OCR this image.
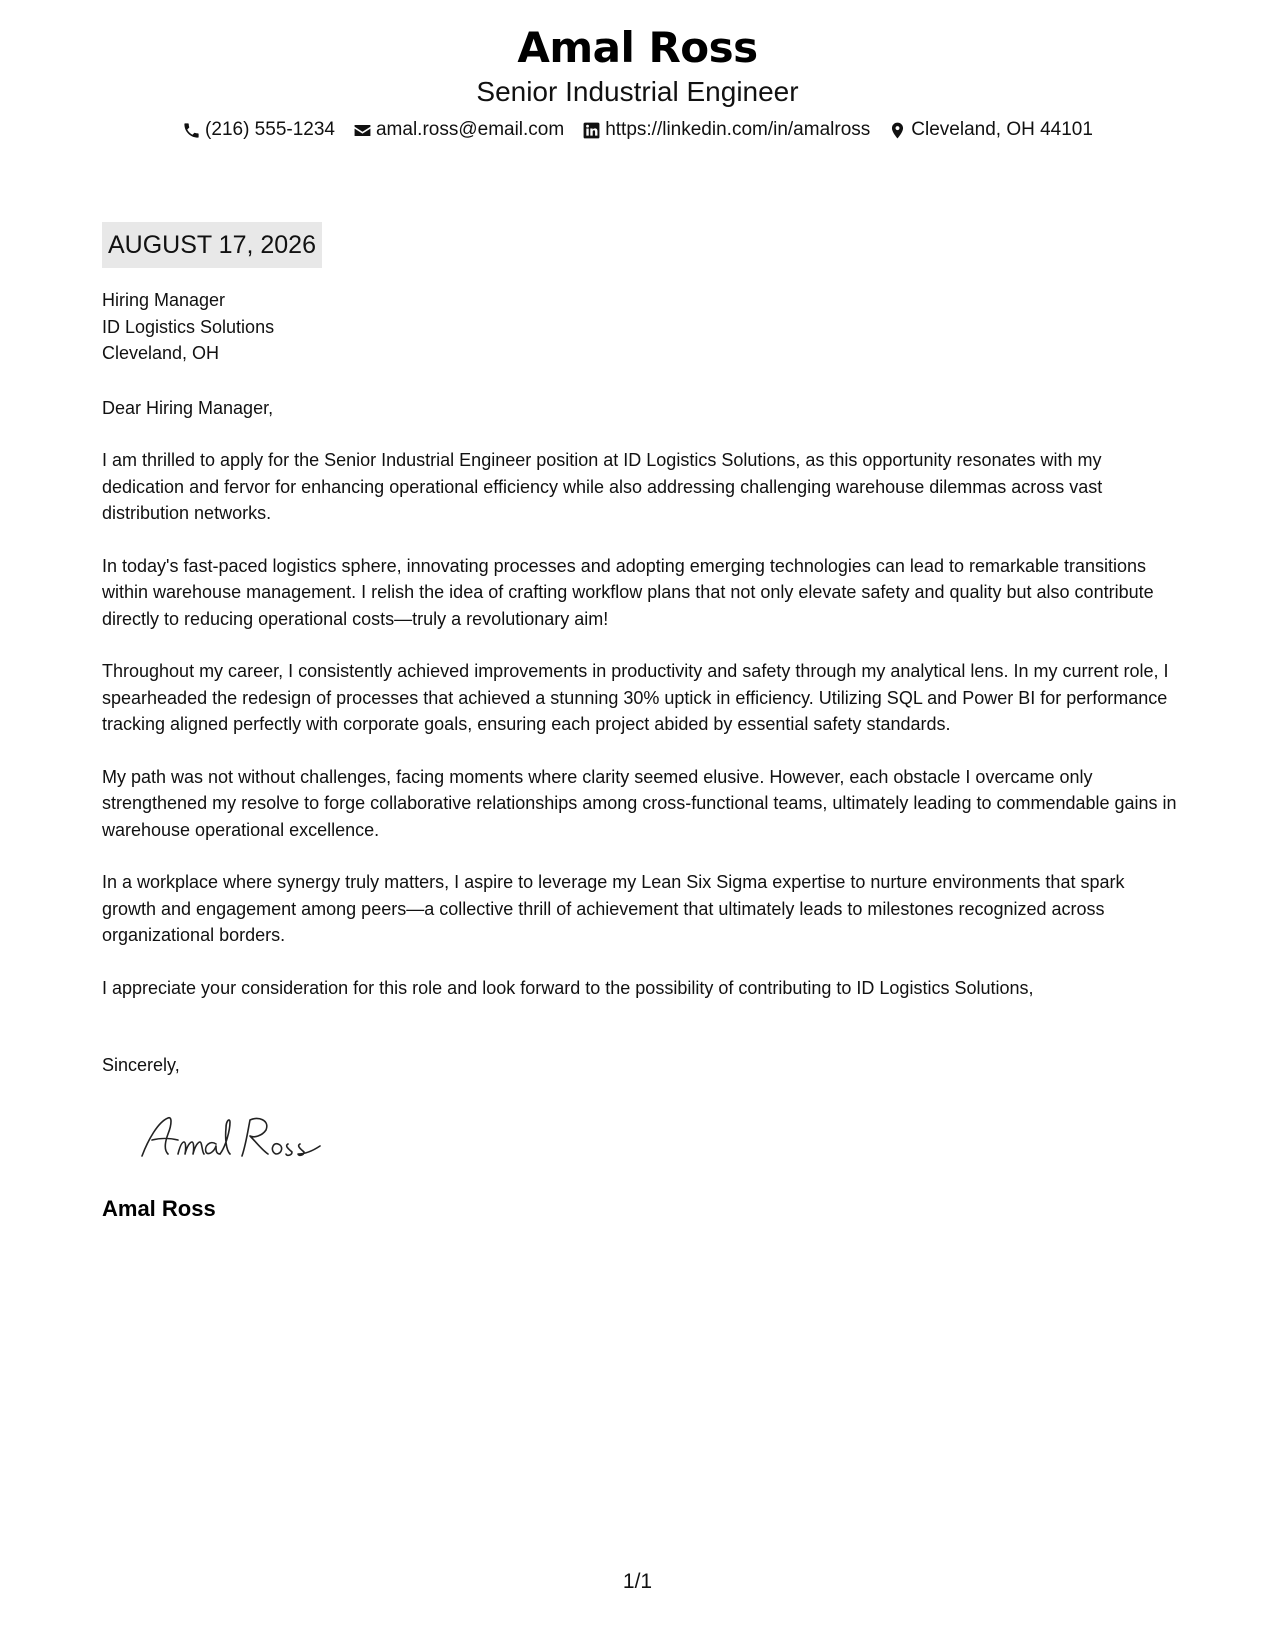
Amal Ross
Senior Industrial Engineer
(216) 555-1234 amal.ross@email.com https://linkedin.com/in/amalross Cleveland, OH 44101
AUGUST 17, 2026
Hiring Manager
ID Logistics Solutions
Cleveland, OH
Dear Hiring Manager,

I am thrilled to apply for the Senior Industrial Engineer position at ID Logistics Solutions, as this opportunity resonates with my dedication and fervor for enhancing operational efficiency while also addressing challenging warehouse dilemmas across vast distribution networks.

In today's fast-paced logistics sphere, innovating processes and adopting emerging technologies can lead to remarkable transitions within warehouse management. I relish the idea of crafting workflow plans that not only elevate safety and quality but also contribute directly to reducing operational costs—truly a revolutionary aim!

Throughout my career, I consistently achieved improvements in productivity and safety through my analytical lens. In my current role, I spearheaded the redesign of processes that achieved a stunning 30% uptick in efficiency. Utilizing SQL and Power BI for performance tracking aligned perfectly with corporate goals, ensuring each project abided by essential safety standards.

My path was not without challenges, facing moments where clarity seemed elusive. However, each obstacle I overcame only strengthened my resolve to forge collaborative relationships among cross-functional teams, ultimately leading to commendable gains in warehouse operational excellence.

In a workplace where synergy truly matters, I aspire to leverage my Lean Six Sigma expertise to nurture environments that spark growth and engagement among peers—a collective thrill of achievement that ultimately leads to milestones recognized across organizational borders.

I appreciate your consideration for this role and look forward to the possibility of contributing to ID Logistics Solutions,

Sincerely,
Amal Ross
1/1
